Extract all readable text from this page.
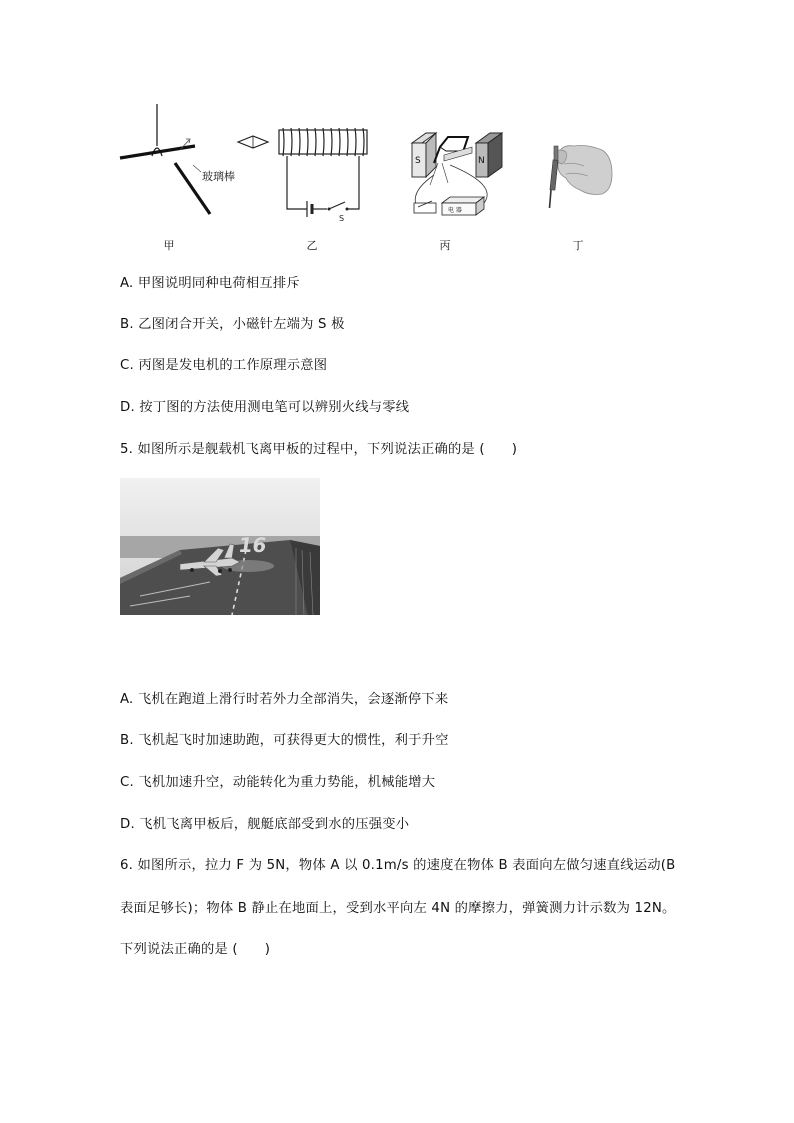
玻璃棒
甲
S
乙
S	N
电 器
丙	丁
A. 甲图说明同种电荷相互排斥
B. 乙图闭合开关，小磁针左端为 S 极
C. 丙图是发电机的工作原理示意图
D. 按丁图的方法使用测电笔可以辨别火线与零线
5. 如图所示是舰载机飞离甲板的过程中，下列说法正确的是 (　　)
16
A. 飞机在跑道上滑行时若外力全部消失，会逐渐停下来
B. 飞机起飞时加速助跑，可获得更大的惯性，利于升空
C. 飞机加速升空，动能转化为重力势能，机械能增大
D. 飞机飞离甲板后，舰艇底部受到水的压强变小
6. 如图所示，拉力 F 为 5N，物体 A 以 0.1m/s 的速度在物体 B 表面向左做匀速直线运动(B
表面足够长)；物体 B 静止在地面上，受到水平向左 4N 的摩擦力，弹簧测力计示数为 12N。
下列说法正确的是 (　　)
